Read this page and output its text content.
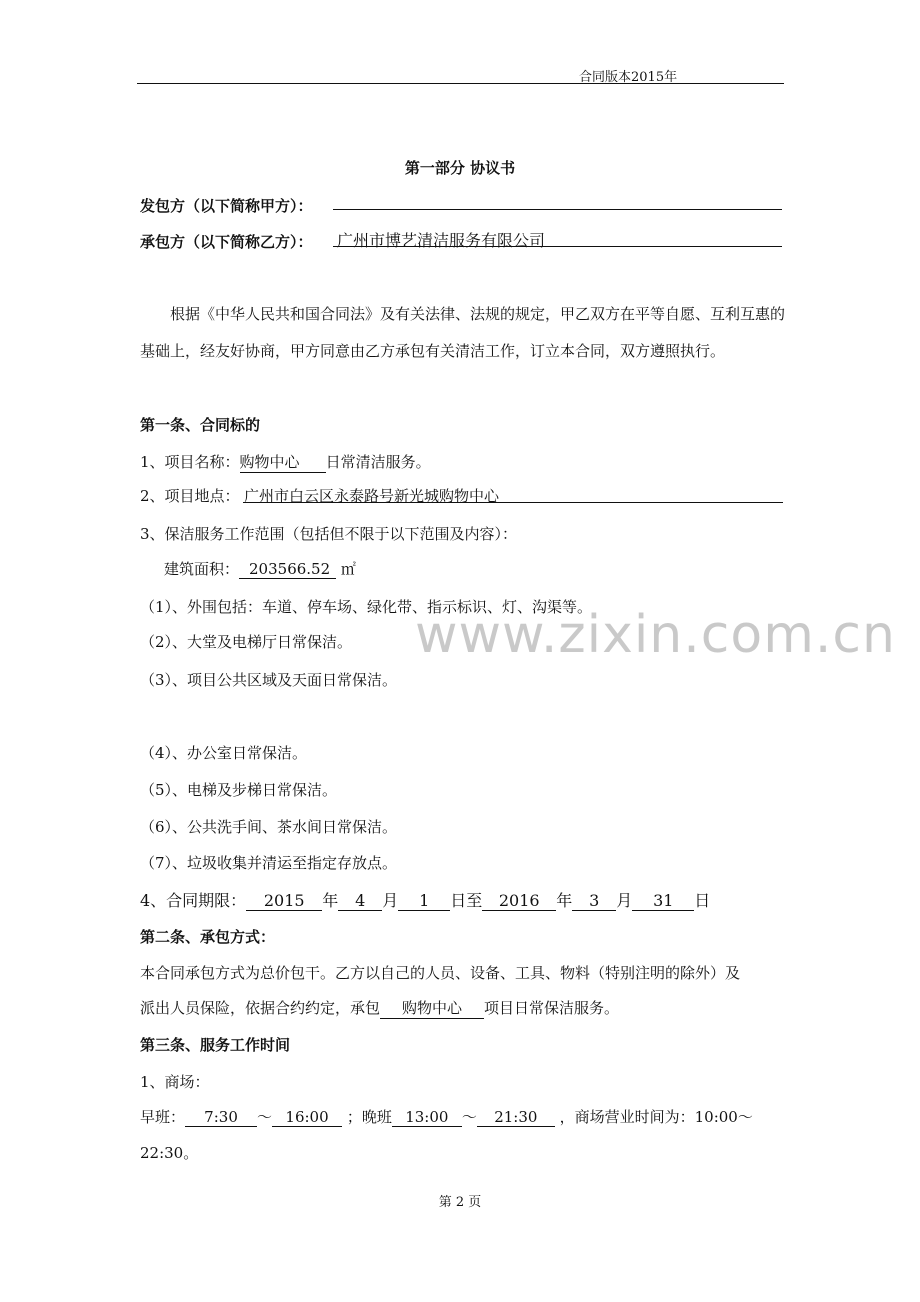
合同版本2015年
第一部分 协议书
发包方（以下简称甲方）：
承包方（以下简称乙方）： 广州市博艺清洁服务有限公司
根据《中华人民共和国合同法》及有关法律、法规的规定，甲乙双方在平等自愿、互利互惠的基础上，经友好协商，甲方同意由乙方承包有关清洁工作，订立本合同，双方遵照执行。
第一条、合同标的
1、项目名称：购物中心 日常清洁服务。
2、项目地点： 广州市白云区永泰路号新光城购物中心
3、保洁服务工作范围（包括但不限于以下范围及内容）：
建筑面积： 203566.52 ㎡
（1）、外围包括：车道、停车场、绿化带、指示标识、灯、沟渠等。
（2）、大堂及电梯厅日常保洁。
（3）、项目公共区域及天面日常保洁。
（4）、办公室日常保洁。
（5）、电梯及步梯日常保洁。
（6）、公共洗手间、茶水间日常保洁。
（7）、垃圾收集并清运至指定存放点。
4、合同期限： 2015 年 4 月 1 日至 2016 年 3 月 31 日
第二条、承包方式：
本合同承包方式为总价包干。乙方以自己的人员、设备、工具、物料（特别注明的除外）及
派出人员保险，依据合约约定，承包 购物中心 项目日常保洁服务。
第三条、服务工作时间
1、商场：
早班： 7:30 ～ 16:00 ；晚班 13:00 ～ 21:30 ，商场营业时间为：10:00～
22:30。
www.zixin.com.cn
第 2 页
